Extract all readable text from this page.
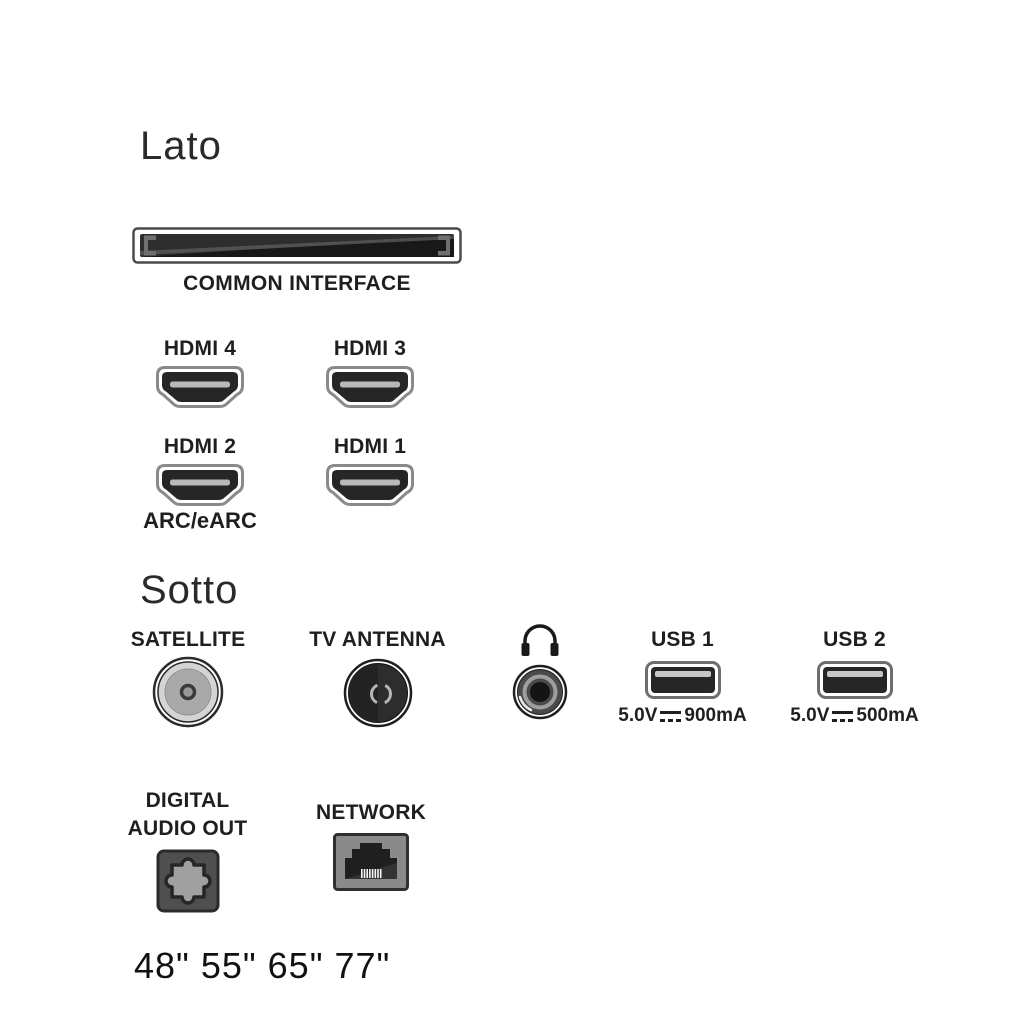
Lato
COMMON INTERFACE
HDMI 4	HDMI 3
HDMI 2
ARC/eARC
HDMI 1
Sotto
SATELLITE	TV ANTENNA	USB 1
5.0V 900mA
USB 2
5.0V 500mA
DIGITAL
AUDIO OUT
NETWORK
48" 55" 65" 77"
